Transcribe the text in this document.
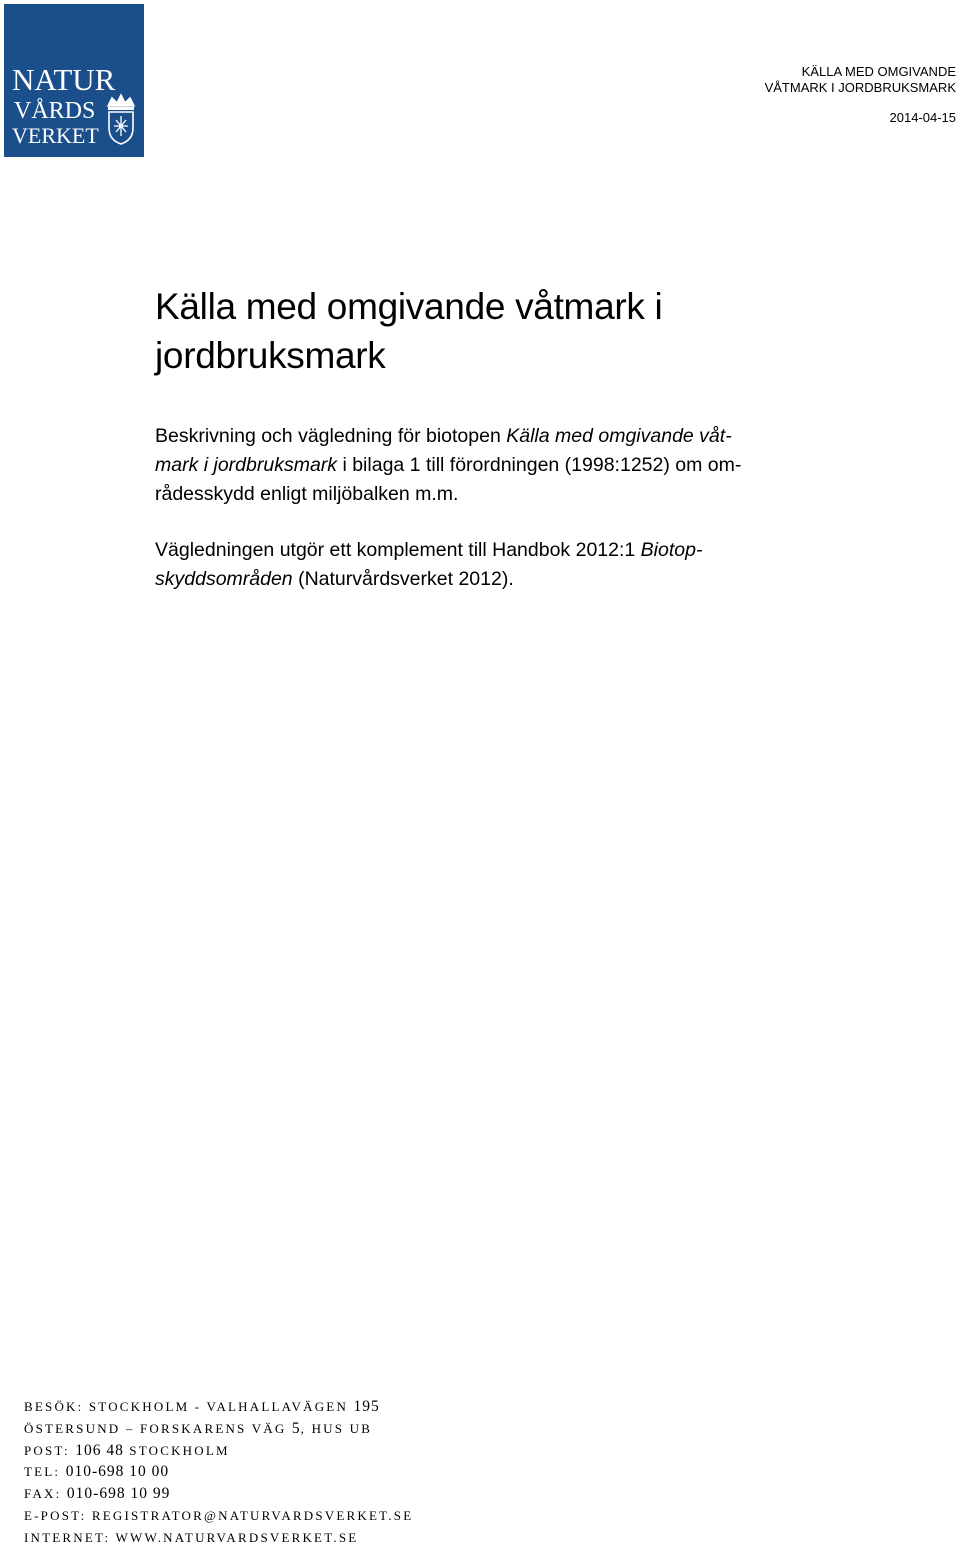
NATUR
VÅRDS
VERKET
KÄLLA MED OMGIVANDE
VÅTMARK I JORDBRUKSMARK
2014-04-15
Källa med omgivande våtmark i
jordbruksmark

Beskrivning och vägledning för biotopen Källa med omgivande våt-
mark i jordbruksmark i bilaga 1 till förordningen (1998:1252) om om-
rådesskydd enligt miljöbalken m.m.

Vägledningen utgör ett komplement till Handbok 2012:1 Biotop-
skyddsområden (Naturvårdsverket 2012).

BESÖK: STOCKHOLM - VALHALLAVÄGEN 195
ÖSTERSUND – FORSKARENS VÄG 5, HUS UB
POST: 106 48 STOCKHOLM
TEL: 010-698 10 00
FAX: 010-698 10 99
E-POST: REGISTRATOR@NATURVARDSVERKET.SE
INTERNET: WWW.NATURVARDSVERKET.SE
